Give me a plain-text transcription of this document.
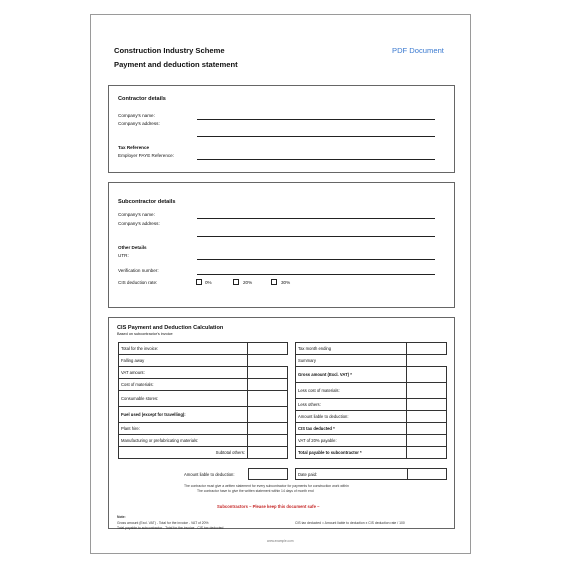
Construction Industry Scheme
Payment and deduction statement
PDF Document
Contractor details
Company's name:
Company's address:
Tax Reference
Employer PAYE Reference:
Subcontractor details
Company's name:
Company's address:
Other Details
UTR:
Verification number:
CIS deduction rate:	0%	20%	30%
CIS Payment and Deduction Calculation
Based on subcontractor's invoice
Total for the invoice:	
Falling away	
VAT amount:	
Cost of materials:	
Consumable stores:	
Fuel used (except for travelling):	
Plant hire:	
Manufacturing or prefabricating materials:	
Subtotal others:	
Tax month ending	
Summary	
Gross amount (Excl. VAT) *	
Less cost of materials:	
Less others:	
Amount liable to deduction:	
CIS tax deducted *	
VAT of 20% payable:	
Total payable to subcontractor *	
Amount liable to deduction:	Date paid:
The contractor must give a written statement for every subcontractor for payments for construction work within
The contractor have to give the written statement within 14 days of month end
Subcontractors – Please keep this document safe –
Note:
Gross amount (Excl. VAT) - Total for the invoice - VAT of 20%
Total payable to subcontractor - Total for the invoice - CIS tax deducted
CIS tax deducted = Amount liable to deduction x CIS deduction rate / 100
www.example.com
